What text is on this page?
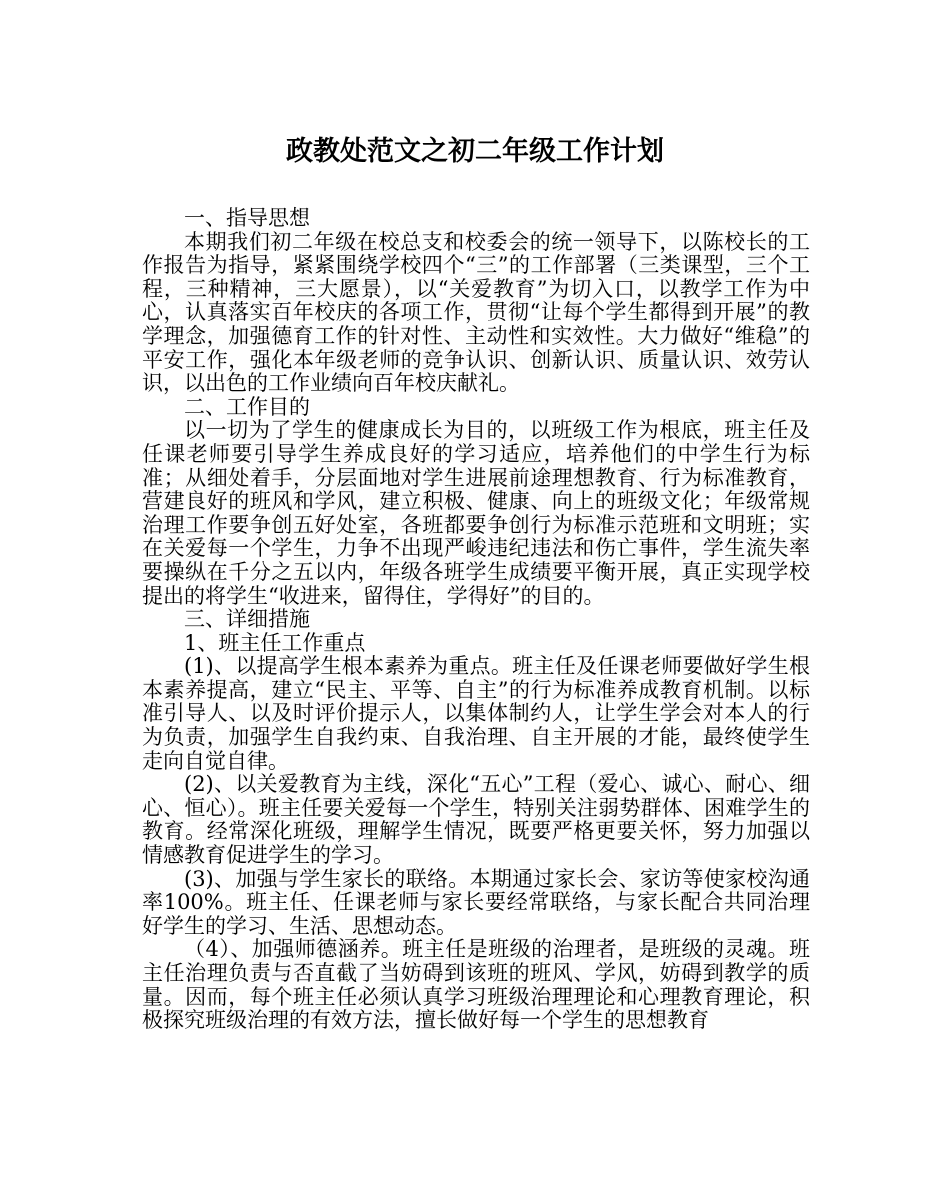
政教处范文之初二年级工作计划

一、指导思想

本期我们初二年级在校总支和校委会的统一领导下，以陈校长的工作报告为指导，紧紧围绕学校四个“三”的工作部署（三类课型，三个工程，三种精神，三大愿景），以“关爱教育”为切入口，以教学工作为中心，认真落实百年校庆的各项工作，贯彻“让每个学生都得到开展”的教学理念，加强德育工作的针对性、主动性和实效性。大力做好“维稳”的平安工作，强化本年级老师的竞争认识、创新认识、质量认识、效劳认识，以出色的工作业绩向百年校庆献礼。

二、工作目的

以一切为了学生的健康成长为目的，以班级工作为根底，班主任及任课老师要引导学生养成良好的学习适应，培养他们的中学生行为标准；从细处着手，分层面地对学生进展前途理想教育、行为标准教育，营建良好的班风和学风，建立积极、健康、向上的班级文化；年级常规治理工作要争创五好处室，各班都要争创行为标准示范班和文明班；实在关爱每一个学生，力争不出现严峻违纪违法和伤亡事件，学生流失率要操纵在千分之五以内，年级各班学生成绩要平衡开展，真正实现学校提出的将学生“收进来，留得住，学得好”的目的。

三、详细措施

1、班主任工作重点

(1)、以提高学生根本素养为重点。班主任及任课老师要做好学生根本素养提高，建立“民主、平等、自主”的行为标准养成教育机制。以标准引导人、以及时评价提示人，以集体制约人，让学生学会对本人的行为负责，加强学生自我约束、自我治理、自主开展的才能，最终使学生走向自觉自律。

(2)、以关爱教育为主线，深化“五心”工程（爱心、诚心、耐心、细心、恒心）。班主任要关爱每一个学生，特别关注弱势群体、困难学生的教育。经常深化班级，理解学生情况，既要严格更要关怀，努力加强以情感教育促进学生的学习。

(3)、加强与学生家长的联络。本期通过家长会、家访等使家校沟通率100%。班主任、任课老师与家长要经常联络，与家长配合共同治理好学生的学习、生活、思想动态。

（4）、加强师德涵养。班主任是班级的治理者，是班级的灵魂。班主任治理负责与否直截了当妨碍到该班的班风、学风，妨碍到教学的质量。因而，每个班主任必须认真学习班级治理理论和心理教育理论，积极探究班级治理的有效方法，擅长做好每一个学生的思想教育
